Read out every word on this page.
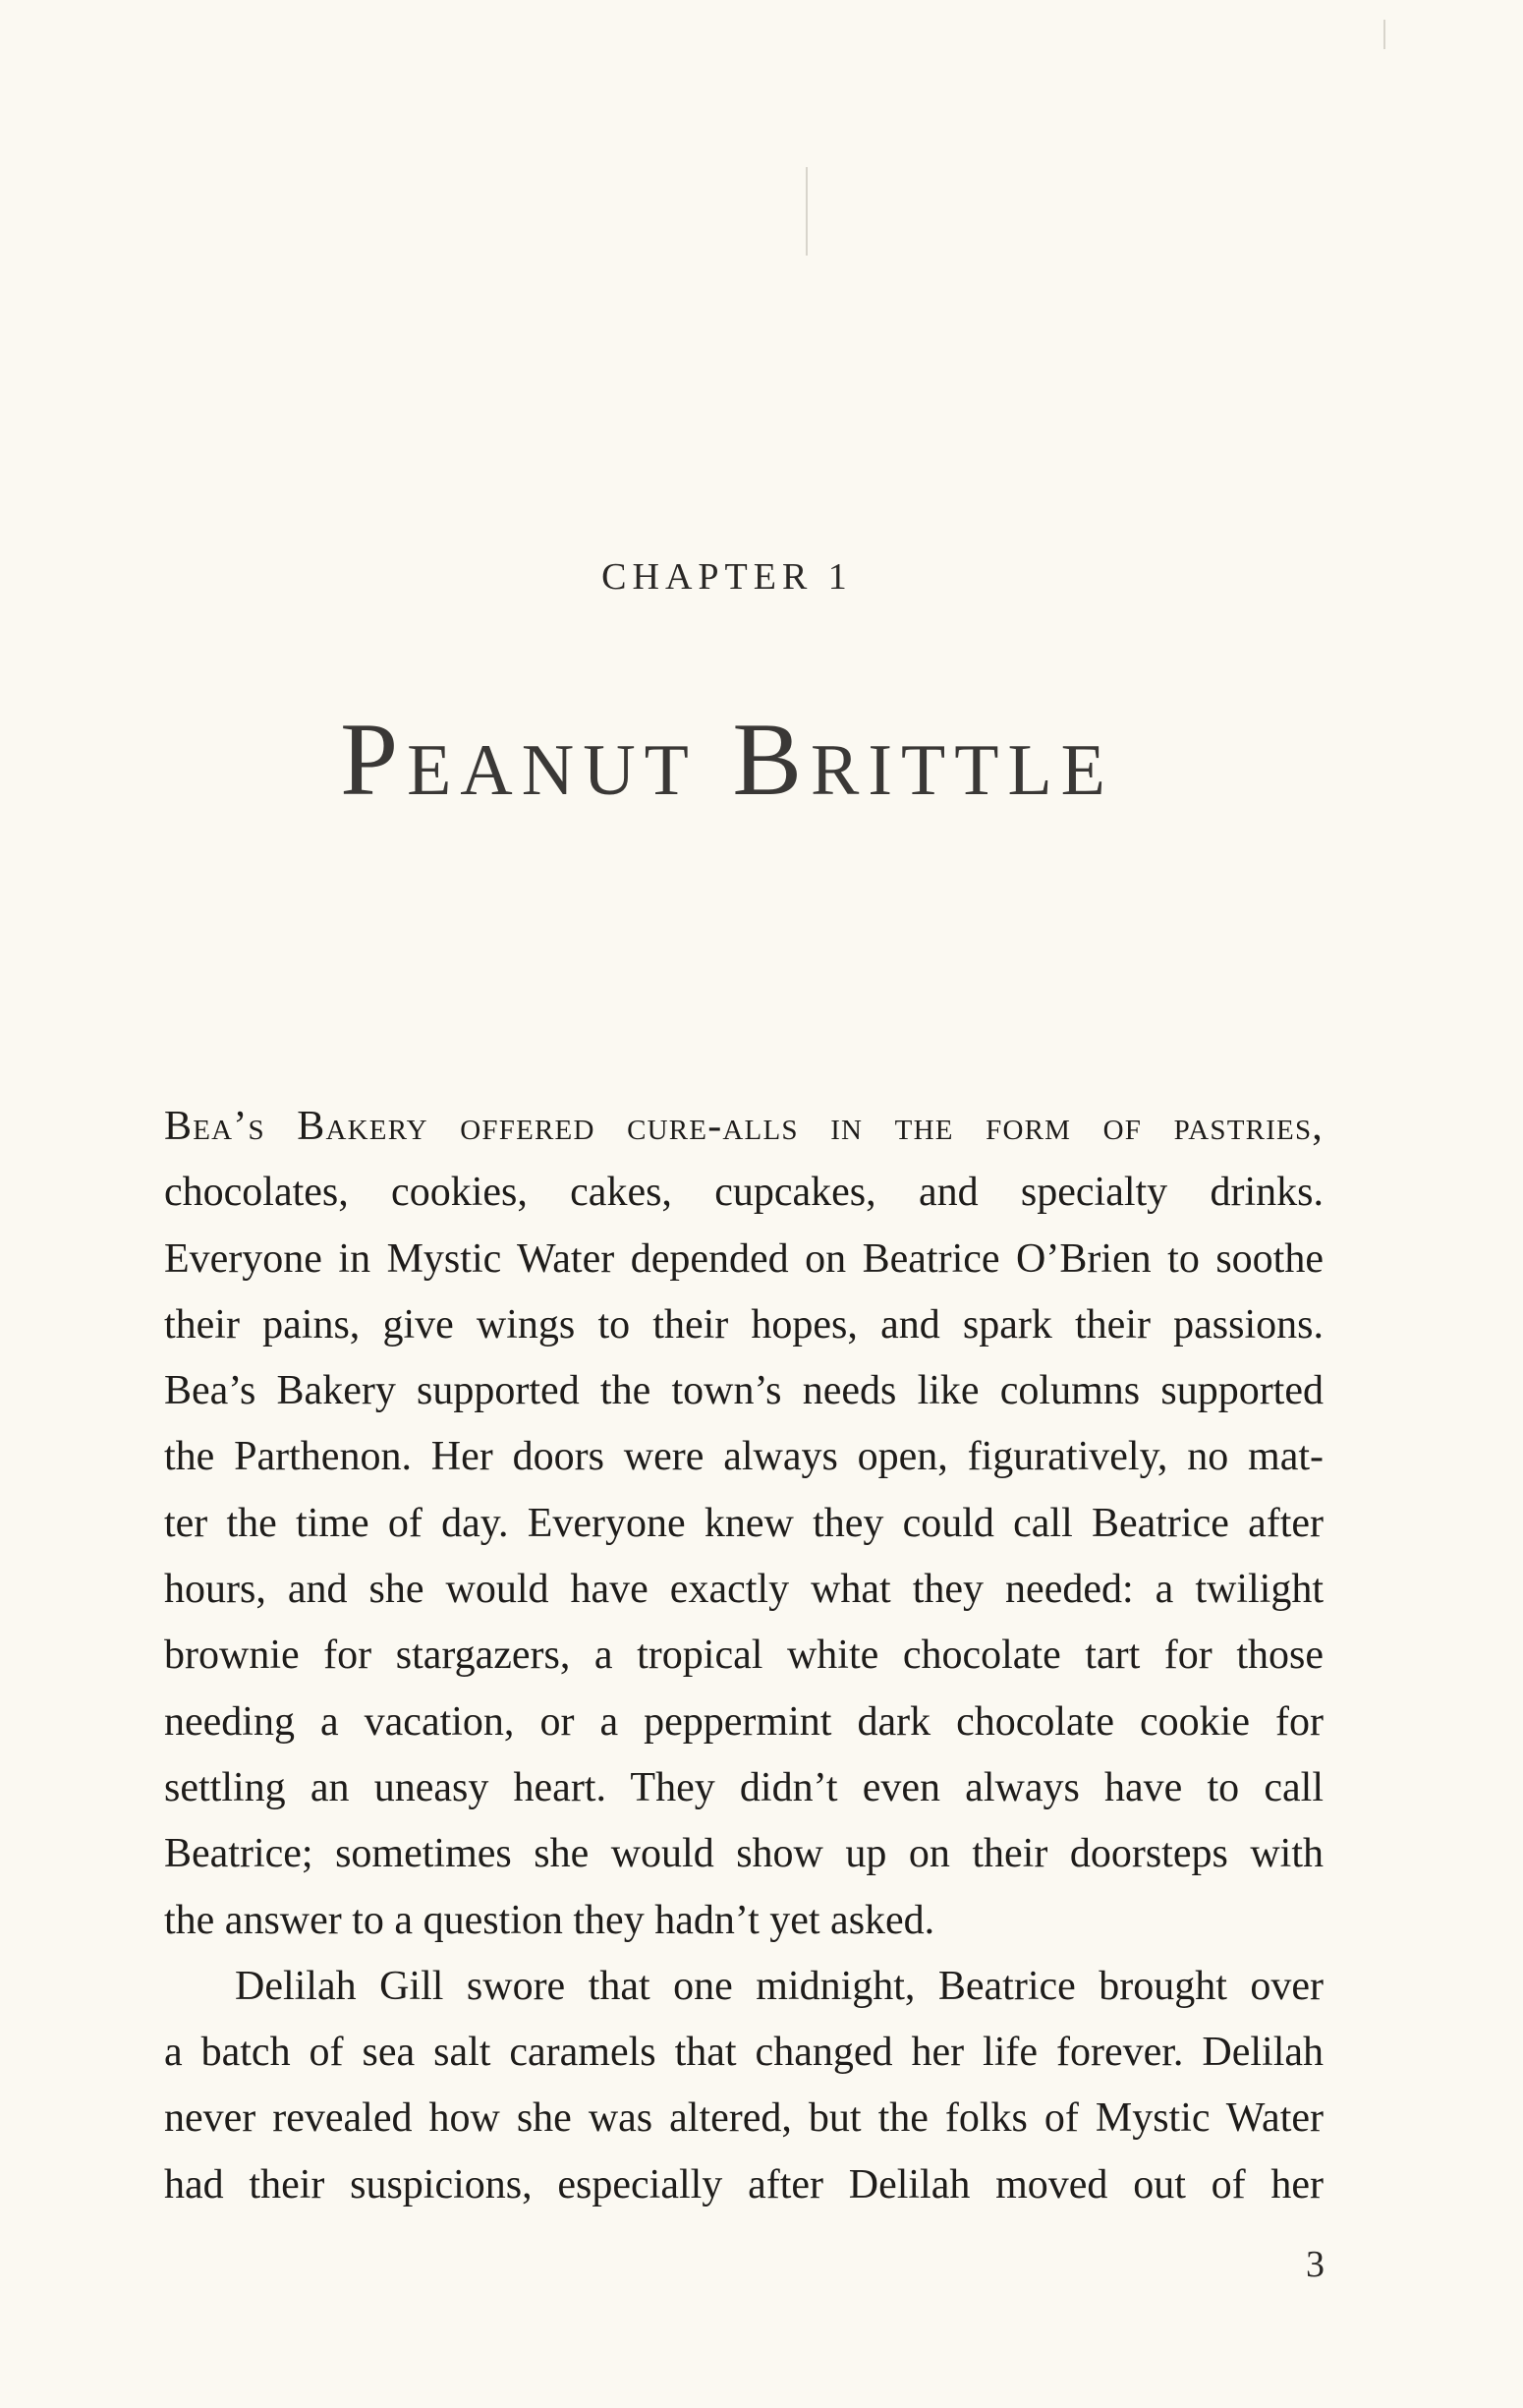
CHAPTER 1
Peanut Brittle
Bea’s Bakery offered cure-alls in the form of pastries,
chocolates, cookies, cakes, cupcakes, and specialty drinks.
Everyone in Mystic Water depended on Beatrice O’Brien to soothe
their pains, give wings to their hopes, and spark their passions.
Bea’s Bakery supported the town’s needs like columns supported
the Parthenon. Her doors were always open, figuratively, no mat-
ter the time of day. Everyone knew they could call Beatrice after
hours, and she would have exactly what they needed: a twilight
brownie for stargazers, a tropical white chocolate tart for those
needing a vacation, or a peppermint dark chocolate cookie for
settling an uneasy heart. They didn’t even always have to call
Beatrice; sometimes she would show up on their doorsteps with
the answer to a question they hadn’t yet asked.
Delilah Gill swore that one midnight, Beatrice brought over
a batch of sea salt caramels that changed her life forever. Delilah
never revealed how she was altered, but the folks of Mystic Water
had their suspicions, especially after Delilah moved out of her
3
